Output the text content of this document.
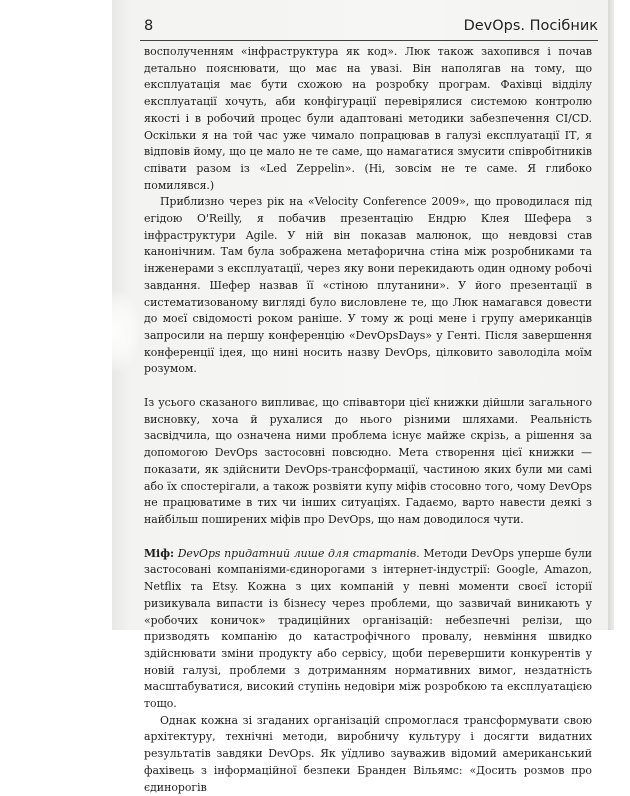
8	DevOps. Посібник

восполученням «інфраструктура як код». Люк також захопився і почав детально пояснювати, що має на увазі. Він наполягав на тому, що експлуатація має бути схожою на розробку програм. Фахівці відділу експлуатації хочуть, аби конфігурації перевірялися системою контролю якості і в робочий процес були адаптовані методики забезпечення CI/CD. Оскільки я на той час уже чимало попрацював в галузі експлуатації ІТ, я відповів йому, що це мало не те саме, що намагатися змусити співробітників співати разом із «Led Zeppelin». (Ні, зовсім не те саме. Я глибоко помилявся.)

Приблизно через рік на «Velocity Conference 2009», що проводилася під егідою O'Reilly, я побачив презентацію Ендрю Клея Шефера з інфраструктури Agile. У ній він показав малюнок, що невдовзі став канонічним. Там була зображена метафорична стіна між розробниками та інженерами з експлуатації, через яку вони перекидають один одному робочі завдання. Шефер назвав її «стіною плутанини». У його презентації в систематизованому вигляді було висловлене те, що Люк намагався довести до моєї свідомості роком раніше. У тому ж році мене і групу американців запросили на першу конференцію «DevOpsDays» у Генті. Після завершення конференції ідея, що нині носить назву DevOps, цілковито заволоділа моїм розумом.

Із усього сказаного випливає, що співавтори цієї книжки дійшли загального висновку, хоча й рухалися до нього різними шляхами. Реальність засвідчила, що означена ними проблема існує майже скрізь, а рішення за допомогою DevOps застосовні повсюдно. Мета створення цієї книжки — показати, як здійснити DevOps-трансформації, частиною яких були ми самі або їх спостерігали, а також розвіяти купу міфів стосовно того, чому DevOps не працюватиме в тих чи інших ситуаціях. Гадаємо, варто навести деякі з найбільш поширених міфів про DevOps, що нам доводилося чути.

Міф: DevOps придатний лише для стартапів. Методи DevOps уперше були застосовані компаніями-єдинорогами з інтернет-індустрії: Google, Amazon, Netflix та Etsy. Кожна з цих компаній у певні моменти своєї історії ризикувала випасти із бізнесу через проблеми, що зазвичай виникають у «робочих коничок» традиційних організацій: небезпечні релізи, що призводять компанію до катастрофічного провалу, невміння швидко здійснювати зміни продукту або сервісу, щоби перевершити конкурентів у новій галузі, проблеми з дотриманням нормативних вимог, нездатність масштабуватися, високий ступінь недовіри між розробкою та експлуатацією тощо.

Однак кожна зі згаданих організацій спромоглася трансформувати свою архітектуру, технічні методи, виробничу культуру і досягти видатних результатів завдяки DevOps. Як уїдливо зауважив відомий американський фахівець з інформаційної безпеки Бранден Вільямс: «Досить розмов про єдинорогів
